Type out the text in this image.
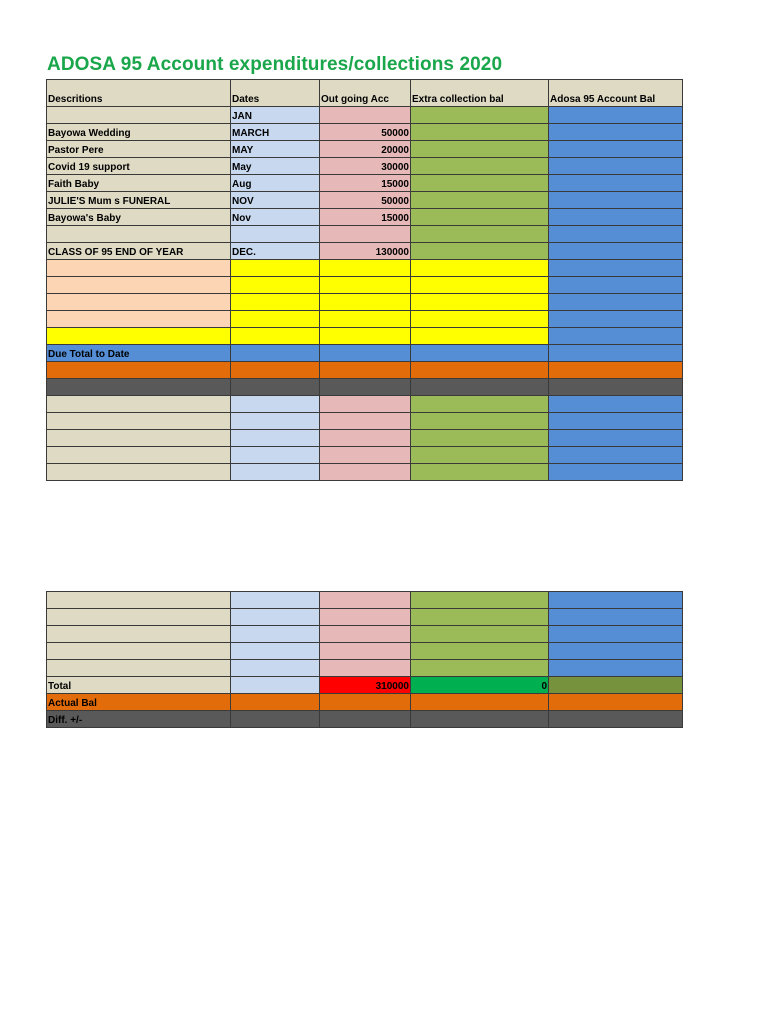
ADOSA 95 Account expenditures/collections 2020
Descritions	Dates	Out going Acc	Extra collection bal	Adosa 95 Account Bal
	JAN			
Bayowa Wedding	MARCH	50000		
Pastor Pere	MAY	20000		
Covid 19 support	May	30000		
Faith Baby	Aug	15000		
JULIE'S Mum s FUNERAL	NOV	50000		
Bayowa's Baby	Nov	15000		

CLASS OF 95 END OF YEAR	DEC.	130000		

Due Total to Date				

Total		310000	0	
Actual Bal				
Diff. +/-				
